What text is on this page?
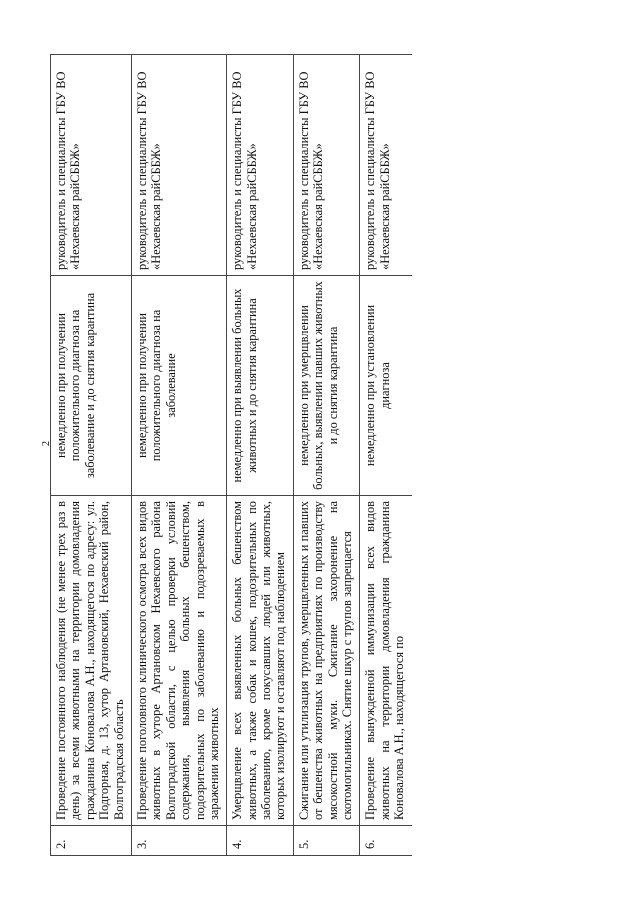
2
2.	Проведение постоянного наблюдения (не менее трех раз в день) за всеми животными на территории домовладения гражданина Коновалова А.Н., находящегося по адресу: ул. Подгорная, д. 13, хутор Артановский, Нехаевский район, Волгоградская область	немедленно при получении положительного диагноза на заболевание и до снятия карантина	руководитель и специалисты ГБУ ВО «Нехаевская райСББЖ»
3.	Проведение поголовного клинического осмотра всех видов животных в хуторе Артановском Нехаевского района Волгоградской области, с целью проверки условий содержания, выявления больных бешенством, подозрительных по заболеванию и подозреваемых в заражении животных	немедленно при получении положительного диагноза на заболевание	руководитель и специалисты ГБУ ВО «Нехаевская райСББЖ»
4.	Умерщвление всех выявленных больных бешенством животных, а также собак и кошек, подозрительных по заболеванию, кроме покусавших людей или животных, которых изолируют и оставляют под наблюдением	немедленно при выявлении больных животных и до снятия карантина	руководитель и специалисты ГБУ ВО «Нехаевская райСББЖ»
5.	Сжигание или утилизация трупов, умерщвленных и павших от бешенства животных на предприятиях по производству мясокостной муки. Сжигание захоронение на скотомогильниках. Снятие шкур с трупов запрещается	немедленно при умерщвлении больных, выявлении павших животных и до снятия карантина	руководитель и специалисты ГБУ ВО «Нехаевская райСББЖ»
6.	Проведение вынужденной иммунизации всех видов животных на территории домовладения гражданина Коновалова А.Н., находящегося по	немедленно при установлении диагноза	руководитель и специалисты ГБУ ВО «Нехаевская райСББЖ»
